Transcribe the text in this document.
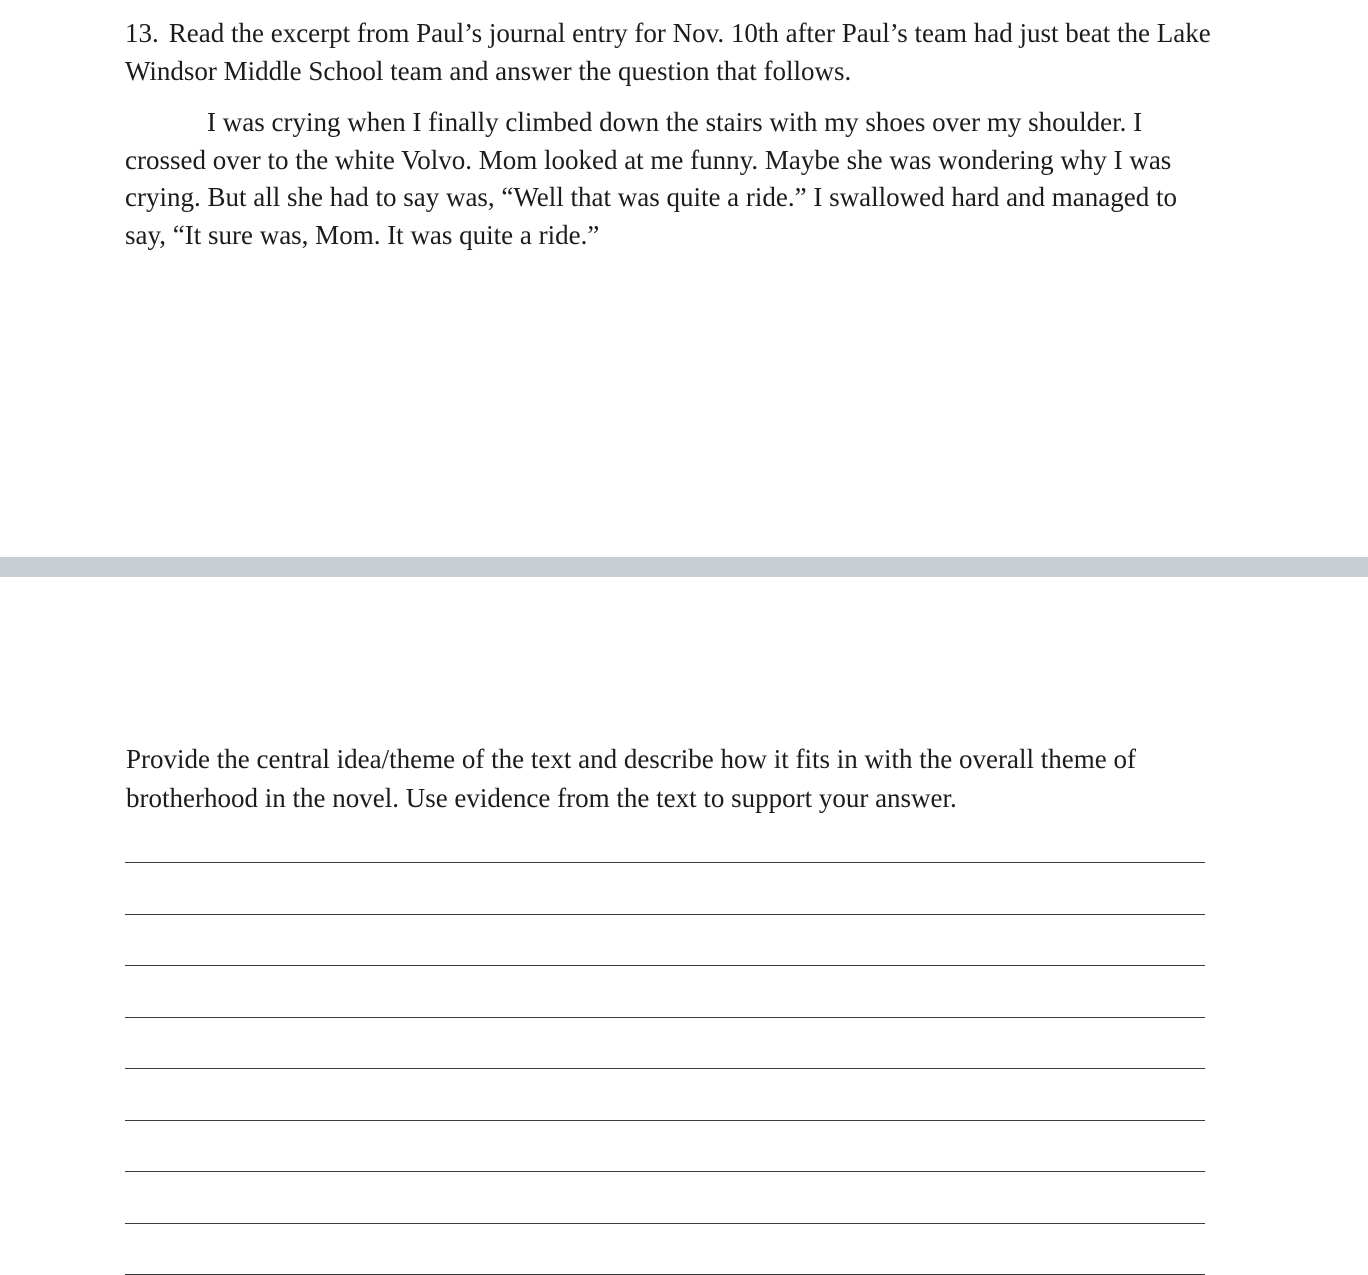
13. Read the excerpt from Paul’s journal entry for Nov. 10th after Paul’s team had just beat the Lake Windsor Middle School team and answer the question that follows.

I was crying when I finally climbed down the stairs with my shoes over my shoulder. I crossed over to the white Volvo. Mom looked at me funny. Maybe she was wondering why I was crying. But all she had to say was, “Well that was quite a ride.” I swallowed hard and managed to say, “It sure was, Mom. It was quite a ride.”

Provide the central idea/theme of the text and describe how it fits in with the overall theme of brotherhood in the novel. Use evidence from the text to support your answer.
